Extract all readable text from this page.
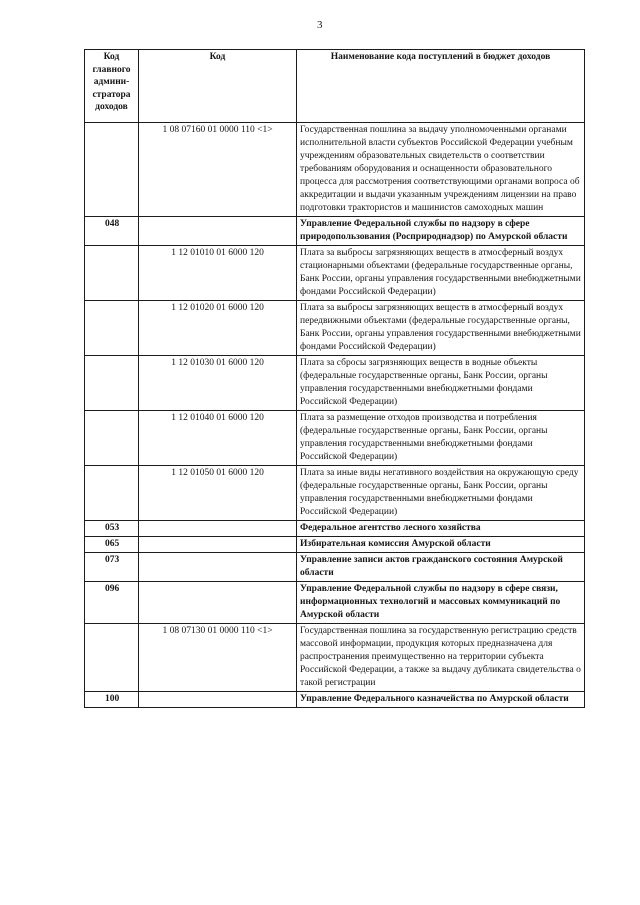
3
Код главного админи-стратора доходов	Код	Наименование кода поступлений в бюджет доходов
	1 08 07160 01 0000 110 <1>	Государственная пошлина за выдачу уполномоченными органами исполнительной власти субъектов Российской Федерации учебным учреждениям образовательных свидетельств о соответствии требованиям оборудования и оснащенности образовательного процесса для рассмотрения соответствующими органами вопроса об аккредитации и выдачи указанным учреждениям лицензии на право подготовки трактористов и машинистов самоходных машин
048		Управление Федеральной службы по надзору в сфере природопользования (Росприроднадзор) по Амурской области
	1 12 01010 01 6000 120	Плата за выбросы загрязняющих веществ в атмосферный воздух стационарными объектами (федеральные государственные органы, Банк России, органы управления государственными внебюджетными фондами Российской Федерации)
	1 12 01020 01 6000 120	Плата за выбросы загрязняющих веществ в атмосферный воздух передвижными объектами (федеральные государственные органы, Банк России, органы управления государственными внебюджетными фондами Российской Федерации)
	1 12 01030 01 6000 120	Плата за сбросы загрязняющих веществ в водные объекты (федеральные государственные органы, Банк России, органы управления государственными внебюджетными фондами Российской Федерации)
	1 12 01040 01 6000 120	Плата за размещение отходов производства и потребления (федеральные государственные органы, Банк России, органы управления государственными внебюджетными фондами Российской Федерации)
	1 12 01050 01 6000 120	Плата за иные виды негативного воздействия на окружающую среду (федеральные государственные органы, Банк России, органы управления государственными внебюджетными фондами Российской Федерации)
053		Федеральное агентство лесного хозяйства
065		Избирательная комиссия Амурской области
073		Управление записи актов гражданского состояния Амурской области
096		Управление Федеральной службы по надзору в сфере связи, информационных технологий и массовых коммуникаций по Амурской области
	1 08 07130 01 0000 110 <1>	Государственная пошлина за государственную регистрацию средств массовой информации, продукция которых предназначена для распространения преимущественно на территории субъекта Российской Федерации, а также за выдачу дубликата свидетельства о такой регистрации
100		Управление Федерального казначейства по Амурской области
